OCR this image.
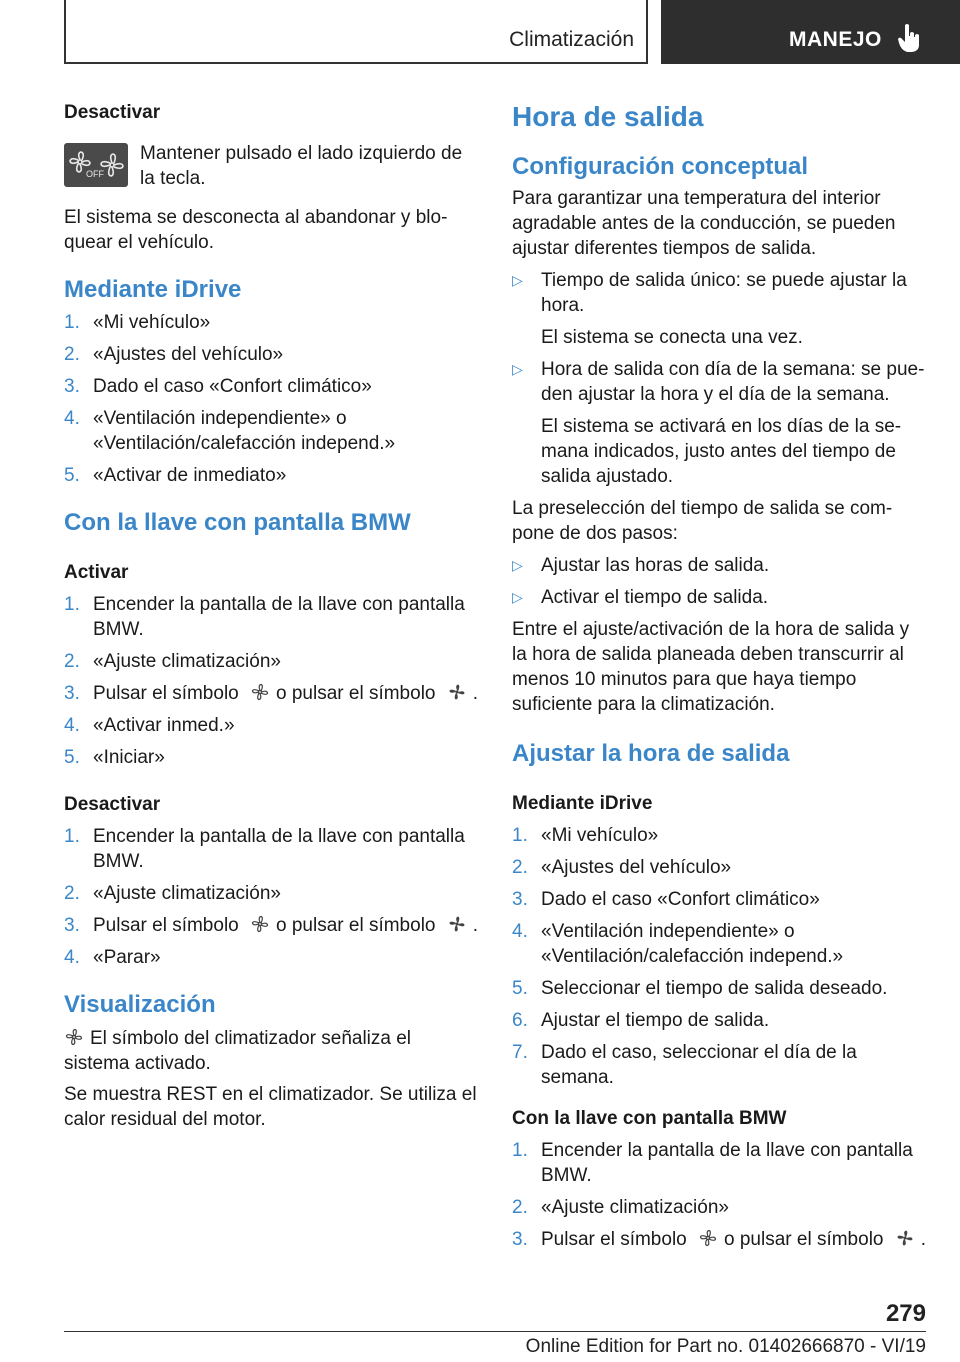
Climatización	MANEJO

Desactivar

OFF

Mantener pulsado el lado izquierdo de la tecla.

El sistema se desconecta al abandonar y bloquear el vehículo.

Mediante iDrive
1. «Mi vehículo»
2. «Ajustes del vehículo»
3. Dado el caso «Confort climático»
4. «Ventilación independiente» o «Ventilación/calefacción independ.»
5. «Activar de inmediato»
Con la llave con pantalla BMW

Activar

1. Encender la pantalla de la llave con pantalla BMW.
2. «Ajuste climatización»
3. Pulsar el símbolo o pulsar el símbolo .
4. «Activar inmed.»
5. «Iniciar»

Desactivar

1. Encender la pantalla de la llave con pantalla BMW.
2. «Ajuste climatización»
3. Pulsar el símbolo o pulsar el símbolo .
4. «Parar»
Visualización

El símbolo del climatizador señaliza el sistema activado.

Se muestra REST en el climatizador. Se utiliza el calor residual del motor.

Hora de salida
Configuración conceptual

Para garantizar una temperatura del interior agradable antes de la conducción, se pueden ajustar diferentes tiempos de salida.

▷ Tiempo de salida único: se puede ajustar la hora.
El sistema se conecta una vez.
▷ Hora de salida con día de la semana: se pueden ajustar la hora y el día de la semana.
El sistema se activará en los días de la semana indicados, justo antes del tiempo de salida ajustado.

La preselección del tiempo de salida se compone de dos pasos:

▷ Ajustar las horas de salida.
▷ Activar el tiempo de salida.

Entre el ajuste/activación de la hora de salida y la hora de salida planeada deben transcurrir al menos 10 minutos para que haya tiempo suficiente para la climatización.

Ajustar la hora de salida

Mediante iDrive

1. «Mi vehículo»
2. «Ajustes del vehículo»
3. Dado el caso «Confort climático»
4. «Ventilación independiente» o «Ventilación/calefacción independ.»
5. Seleccionar el tiempo de salida deseado.
6. Ajustar el tiempo de salida.
7. Dado el caso, seleccionar el día de la semana.

Con la llave con pantalla BMW

1. Encender la pantalla de la llave con pantalla BMW.
2. «Ajuste climatización»
3. Pulsar el símbolo o pulsar el símbolo .
279
Online Edition for Part no. 01402666870 - VI/19
